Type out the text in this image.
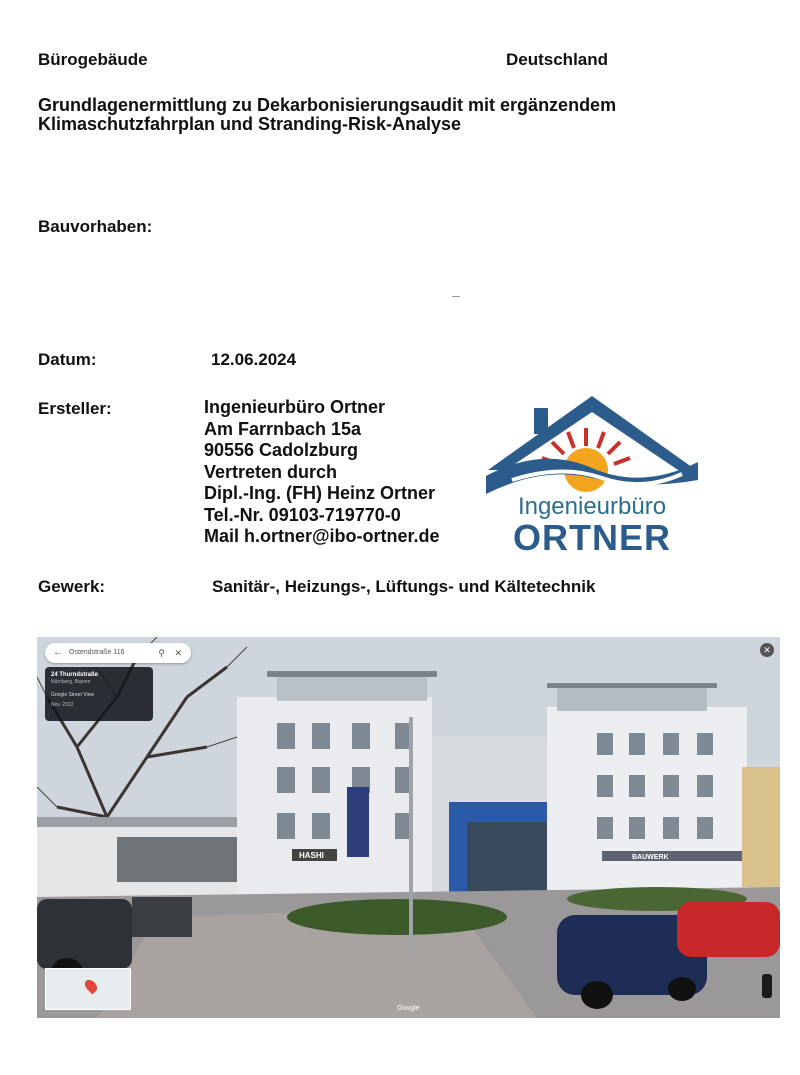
Bürogebäude	Deutschland
Grundlagenermittlung zu Dekarbonisierungsaudit mit ergänzendem
Klimaschutzfahrplan und Stranding-Risk-Analyse
Bauvorhaben:
Datum:	12.06.2024
Ersteller:	Ingenieurbüro Ortner
Am Farrnbach 15a
90556 Cadolzburg
Vertreten durch
Dipl.-Ing. (FH) Heinz Ortner
Tel.-Nr. 09103-719770-0
Mail h.ortner@ibo-ortner.de
Ingenieurbüro
ORTNER
Gewerk:	Sanitär-, Heizungs-, Lüftungs- und Kältetechnik
HASHI	BAUWERK
← Ostendstraße 116	⚲ ✕
24 Thurndstraße
Nürnberg, Bayern
Google Street View
Nov. 2022
✕
Google
